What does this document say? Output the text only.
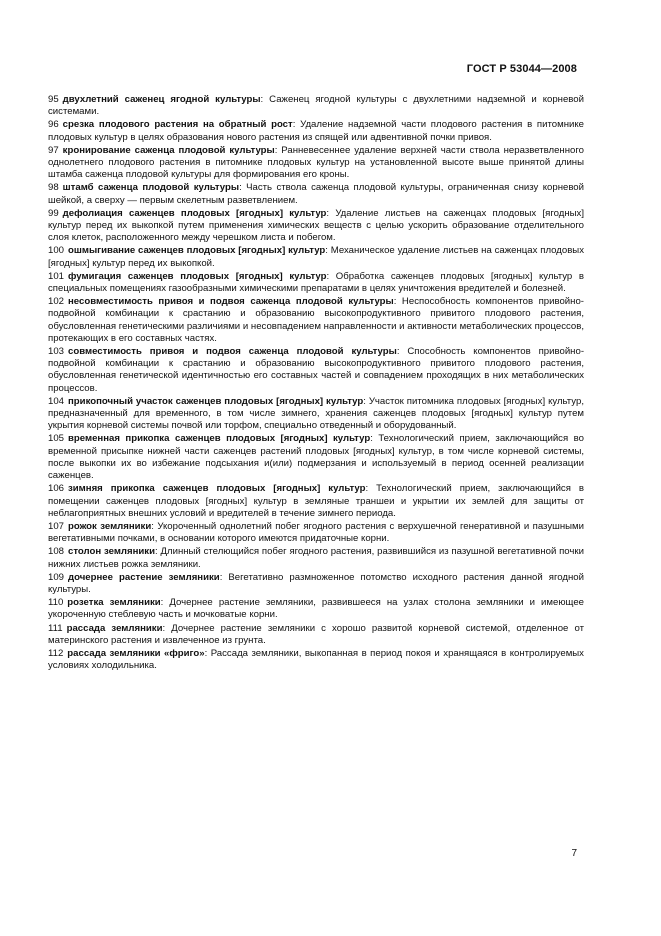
ГОСТ Р 53044—2008

95 двухлетний саженец ягодной культуры: Саженец ягодной культуры с двухлетними надземной и корневой системами.

96 срезка плодового растения на обратный рост: Удаление надземной части плодового растения в питомнике плодовых культур в целях образования нового растения из спящей или адвентивной почки привоя.

97 кронирование саженца плодовой культуры: Ранневесеннее удаление верхней части ствола неразветвленного однолетнего плодового растения в питомнике плодовых культур на установленной высоте выше принятой длины штамба саженца плодовой культуры для формирования его кроны.

98 штамб саженца плодовой культуры: Часть ствола саженца плодовой культуры, ограниченная снизу корневой шейкой, а сверху — первым скелетным разветвлением.

99 дефолиация саженцев плодовых [ягодных] культур: Удаление листьев на саженцах плодовых [ягодных] культур перед их выкопкой путем применения химических веществ с целью ускорить образование отделительного слоя клеток, расположенного между черешком листа и побегом.

100 ошмыгивание саженцев плодовых [ягодных] культур: Механическое удаление листьев на саженцах плодовых [ягодных] культур перед их выкопкой.

101 фумигация саженцев плодовых [ягодных] культур: Обработка саженцев плодовых [ягодных] культур в специальных помещениях газообразными химическими препаратами в целях уничтожения вредителей и болезней.

102 несовместимость привоя и подвоя саженца плодовой культуры: Неспособность компонентов привойно-подвойной комбинации к срастанию и образованию высокопродуктивного привитого плодового растения, обусловленная генетическими различиями и несовпадением направленности и активности метаболических процессов, протекающих в его составных частях.

103 совместимость привоя и подвоя саженца плодовой культуры: Способность компонентов привойно-подвойной комбинации к срастанию и образованию высокопродуктивного привитого плодового растения, обусловленная генетической идентичностью его составных частей и совпадением проходящих в них метаболических процессов.

104 прикопочный участок саженцев плодовых [ягодных] культур: Участок питомника плодовых [ягодных] культур, предназначенный для временного, в том числе зимнего, хранения саженцев плодовых [ягодных] культур путем укрытия корневой системы почвой или торфом, специально отведенный и оборудованный.

105 временная прикопка саженцев плодовых [ягодных] культур: Технологический прием, заключающийся во временной присыпке нижней части саженцев растений плодовых [ягодных] культур, в том числе корневой системы, после выкопки их во избежание подсыхания и(или) подмерзания и используемый в период осенней реализации саженцев.

106 зимняя прикопка саженцев плодовых [ягодных] культур: Технологический прием, заключающийся в помещении саженцев плодовых [ягодных] культур в земляные траншеи и укрытии их землей для защиты от неблагоприятных внешних условий и вредителей в течение зимнего периода.

107 рожок земляники: Укороченный однолетний побег ягодного растения с верхушечной генеративной и пазушными вегетативными почками, в основании которого имеются придаточные корни.

108 столон земляники: Длинный стелющийся побег ягодного растения, развившийся из пазушной вегетативной почки нижних листьев рожка земляники.

109 дочернее растение земляники: Вегетативно размноженное потомство исходного растения данной ягодной культуры.

110 розетка земляники: Дочернее растение земляники, развившееся на узлах столона земляники и имеющее укороченную стеблевую часть и мочковатые корни.

111 рассада земляники: Дочернее растение земляники с хорошо развитой корневой системой, отделенное от материнского растения и извлеченное из грунта.

112 рассада земляники «фриго»: Рассада земляники, выкопанная в период покоя и хранящаяся в контролируемых условиях холодильника.

7
